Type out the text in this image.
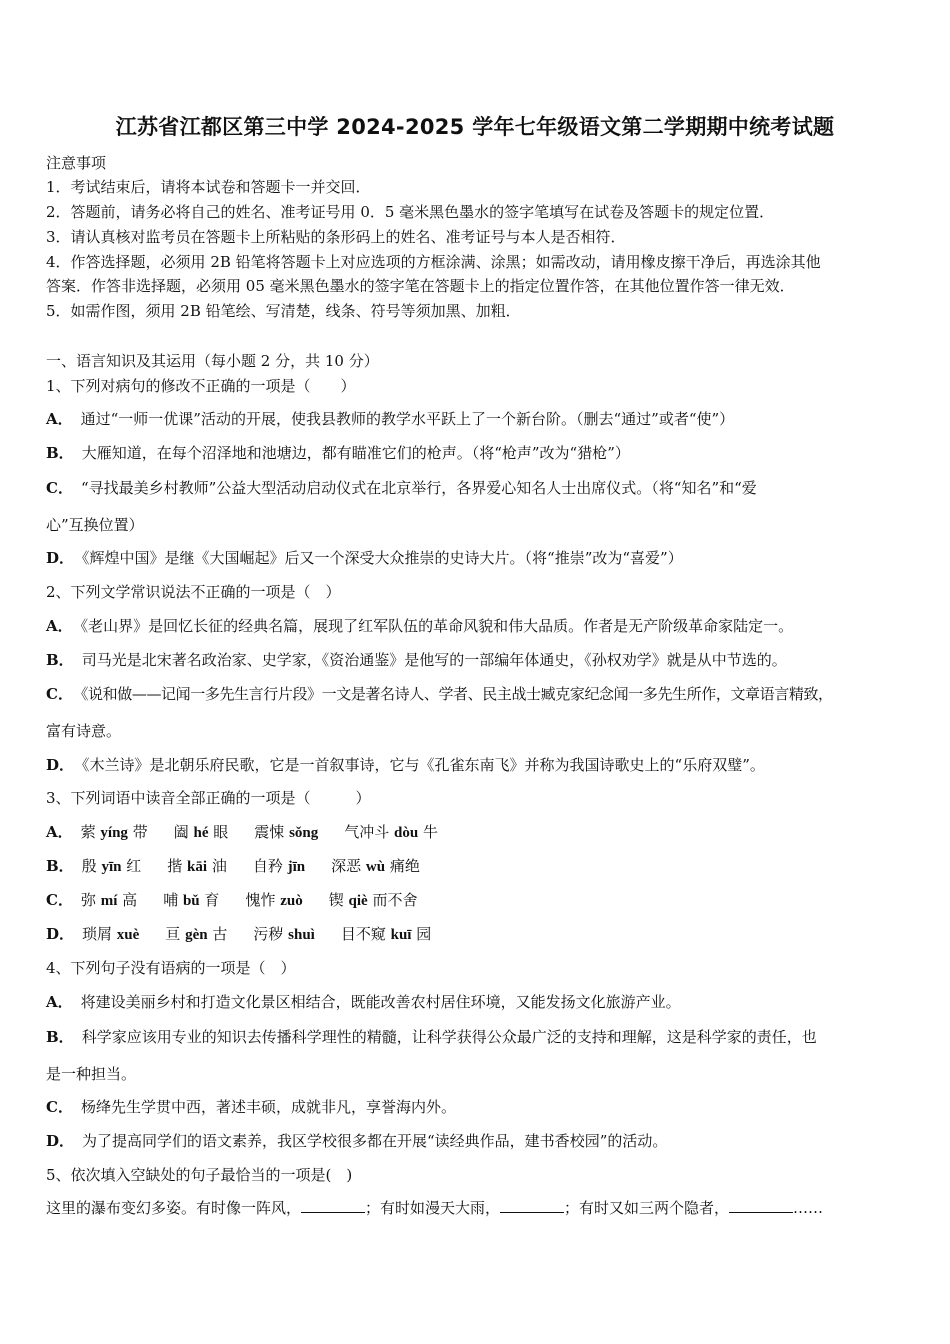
江苏省江都区第三中学 2024-2025 学年七年级语文第二学期期中统考试题
注意事项
1．考试结束后，请将本试卷和答题卡一并交回．
2．答题前，请务必将自己的姓名、准考证号用 0．5 毫米黑色墨水的签字笔填写在试卷及答题卡的规定位置．
3．请认真核对监考员在答题卡上所粘贴的条形码上的姓名、准考证号与本人是否相符．
4．作答选择题，必须用 2B 铅笔将答题卡上对应选项的方框涂满、涂黑；如需改动，请用橡皮擦干净后，再选涂其他
答案．作答非选择题，必须用 05 毫米黑色墨水的签字笔在答题卡上的指定位置作答，在其他位置作答一律无效．
5．如需作图，须用 2B 铅笔绘、写清楚，线条、符号等须加黑、加粗．
一、语言知识及其运用（每小题 2 分，共 10 分）
1、下列对病句的修改不正确的一项是（　　）
A． 通过“一师一优课”活动的开展，使我县教师的教学水平跃上了一个新台阶。（删去“通过”或者“使”）
B． 大雁知道，在每个沼泽地和池塘边，都有瞄准它们的枪声。（将“枪声”改为“猎枪”）
C． “寻找最美乡村教师”公益大型活动启动仪式在北京举行，各界爱心知名人士出席仪式。（将“知名”和“爱
心”互换位置）
D． 《辉煌中国》是继《大国崛起》后又一个深受大众推崇的史诗大片。（将“推崇”改为“喜爱”）
2、下列文学常识说法不正确的一项是（　）
A． 《老山界》是回忆长征的经典名篇，展现了红军队伍的革命风貌和伟大品质。作者是无产阶级革命家陆定一。
B． 司马光是北宋著名政治家、史学家，《资治通鉴》是他写的一部编年体通史，《孙权劝学》就是从中节选的。
C． 《说和做——记闻一多先生言行片段》一文是著名诗人、学者、民主战士臧克家纪念闻一多先生所作，文章语言精致，
富有诗意。
D． 《木兰诗》是北朝乐府民歌，它是一首叙事诗，它与《孔雀东南飞》并称为我国诗歌史上的“乐府双璧”。
3、下列词语中读音全部正确的一项是（　　　）
A． 萦 yíng 带 阖 hé 眼 震悚 sǒng 气冲斗 dòu 牛
B． 殷 yīn 红 揩 kāi 油 自矜 jīn 深恶 wù 痛绝
C． 弥 mí 高 哺 bǔ 育 愧怍 zuò 锲 qiè 而不舍
D． 琐屑 xuè 亘 gèn 古 污秽 shuì 目不窥 kuī 园
4、下列句子没有语病的一项是（　）
A． 将建设美丽乡村和打造文化景区相结合，既能改善农村居住环境，又能发扬文化旅游产业。
B． 科学家应该用专业的知识去传播科学理性的精髓，让科学获得公众最广泛的支持和理解，这是科学家的责任，也
是一种担当。
C． 杨绛先生学贯中西，著述丰硕，成就非凡，享誉海内外。
D． 为了提高同学们的语文素养，我区学校很多都在开展“读经典作品，建书香校园”的活动。
5、依次填入空缺处的句子最恰当的一项是(　)
这里的瀑布变幻多姿。有时像一阵风，	；有时如漫天大雨，	；有时又如三两个隐者，	……
